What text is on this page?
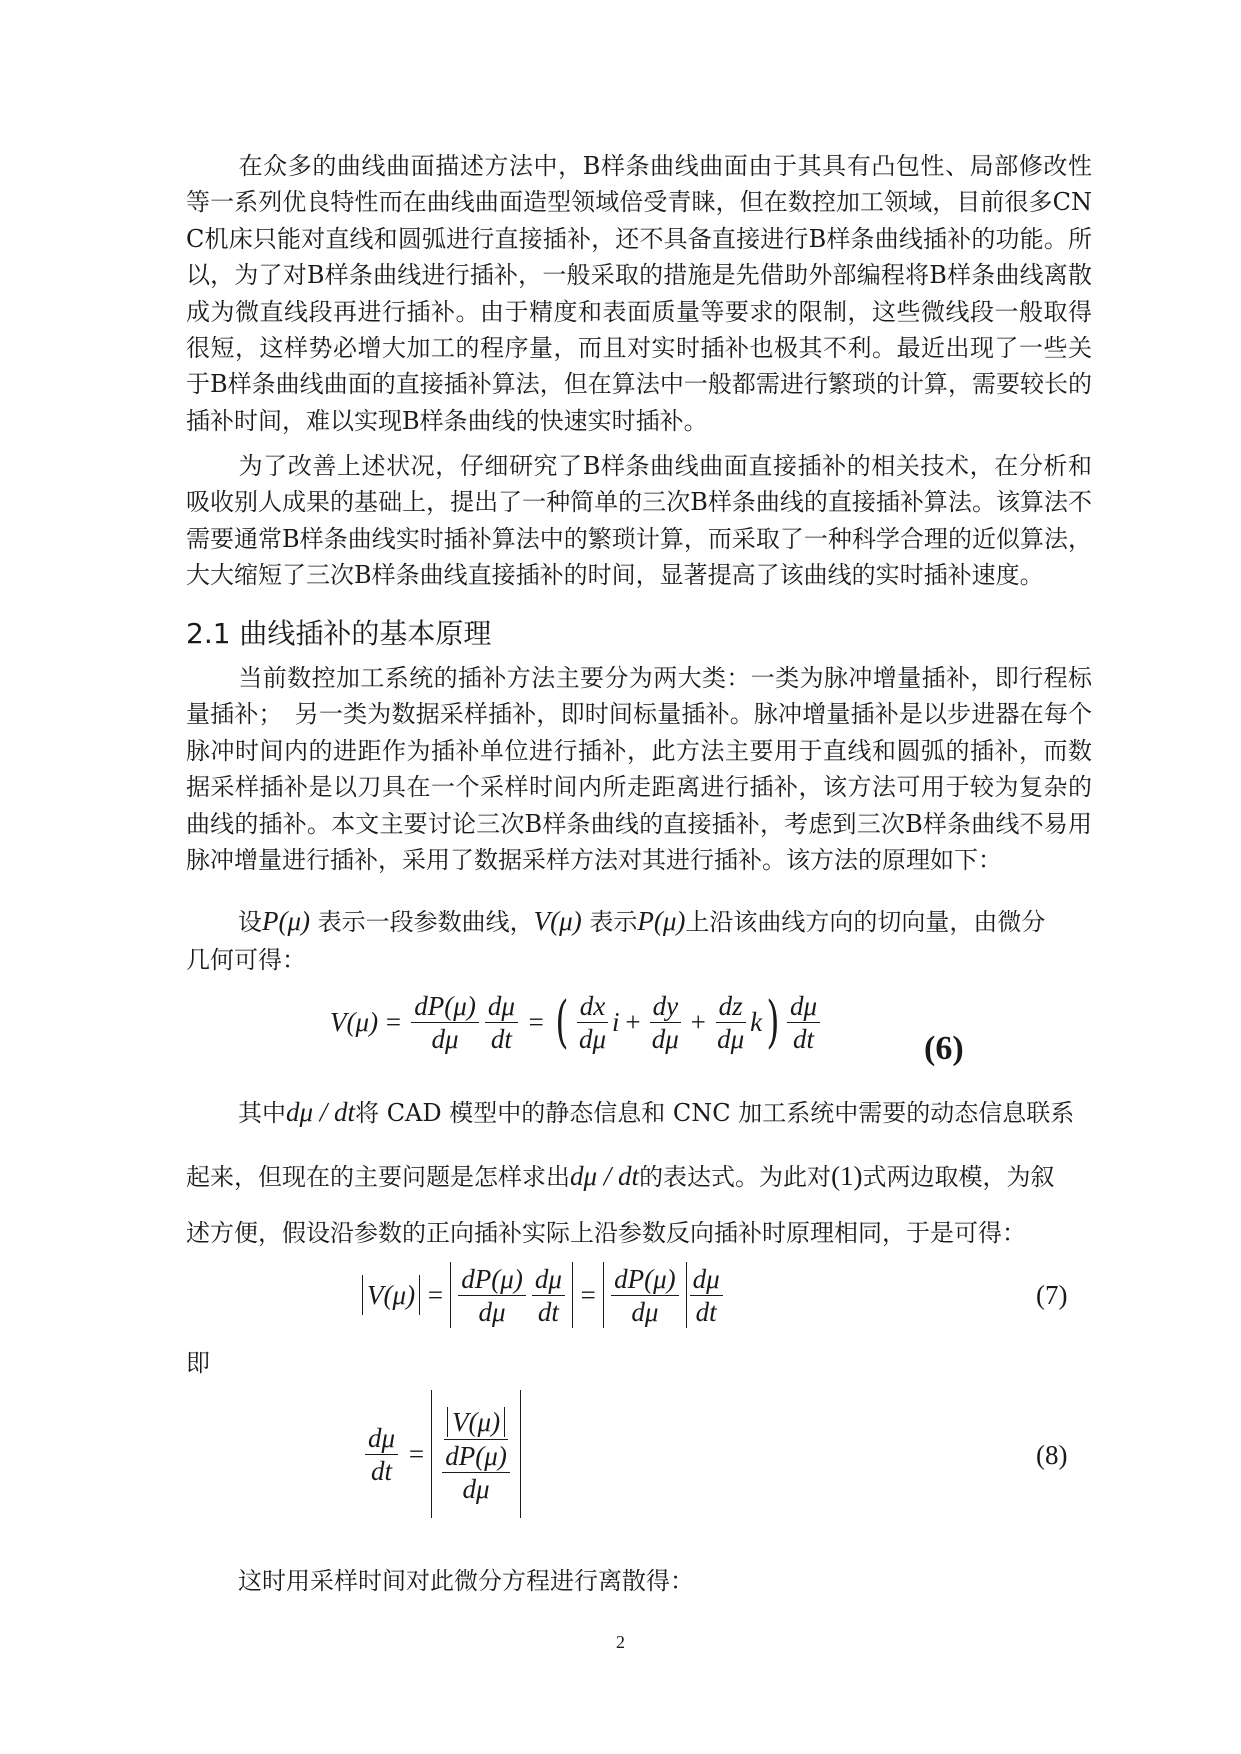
在众多的曲线曲面描述方法中，B样条曲线曲面由于其具有凸包性、局部修改性等一系列优良特性而在曲线曲面造型领域倍受青睐，但在数控加工领域，目前很多CNC机床只能对直线和圆弧进行直接插补，还不具备直接进行B样条曲线插补的功能。所以，为了对B样条曲线进行插补，一般采取的措施是先借助外部编程将B样条曲线离散成为微直线段再进行插补。由于精度和表面质量等要求的限制，这些微线段一般取得很短，这样势必增大加工的程序量，而且对实时插补也极其不利。最近出现了一些关于B样条曲线曲面的直接插补算法，但在算法中一般都需进行繁琐的计算，需要较长的插补时间，难以实现B样条曲线的快速实时插补。

为了改善上述状况，仔细研究了B样条曲线曲面直接插补的相关技术，在分析和吸收别人成果的基础上，提出了一种简单的三次B样条曲线的直接插补算法。该算法不需要通常B样条曲线实时插补算法中的繁琐计算，而采取了一种科学合理的近似算法，大大缩短了三次B样条曲线直接插补的时间，显著提高了该曲线的实时插补速度。

2.1 曲线插补的基本原理

当前数控加工系统的插补方法主要分为两大类：一类为脉冲增量插补，即行程标量插补；　另一类为数据采样插补，即时间标量插补。脉冲增量插补是以步进器在每个脉冲时间内的进距作为插补单位进行插补，此方法主要用于直线和圆弧的插补，而数据采样插补是以刀具在一个采样时间内所走距离进行插补，该方法可用于较为复杂的曲线的插补。本文主要讨论三次B样条曲线的直接插补，考虑到三次B样条曲线不易用脉冲增量进行插补，采用了数据采样方法对其进行插补。该方法的原理如下：

设P(μ) 表示一段参数曲线，V(μ) 表示P(μ)上沿该曲线方向的切向量，由微分
几何可得：
V ( μ ) = $\frac{dP(\mu)}{d\mu} \frac{d\mu}{dt}$ = ( $\frac{dx}{d\mu}$ $i + \frac{dy}{d\mu} + \frac{dz}{d\mu}$ k ) $\frac{d\mu}{dt}$	(6)
其中dμ / dt将 CAD 模型中的静态信息和 CNC 加工系统中需要的动态信息联系
起来，但现在的主要问题是怎样求出dμ / dt的表达式。为此对(1)式两边取模，为叙
述方便，假设沿参数的正向插补实际上沿参数反向插补时原理相同，于是可得：
V ( μ ) = $\frac{dP(\mu)}{d\mu} \frac{d\mu}{dt} = \frac{dP(\mu)}{d\mu} \frac{d\mu}{dt}$	(7)
即
$\frac{d\mu}{dt} = \frac{V ( \mu )}{\frac{dP(\mu)}{d\mu}}$	(8)
这时用采样时间对此微分方程进行离散得：
2
